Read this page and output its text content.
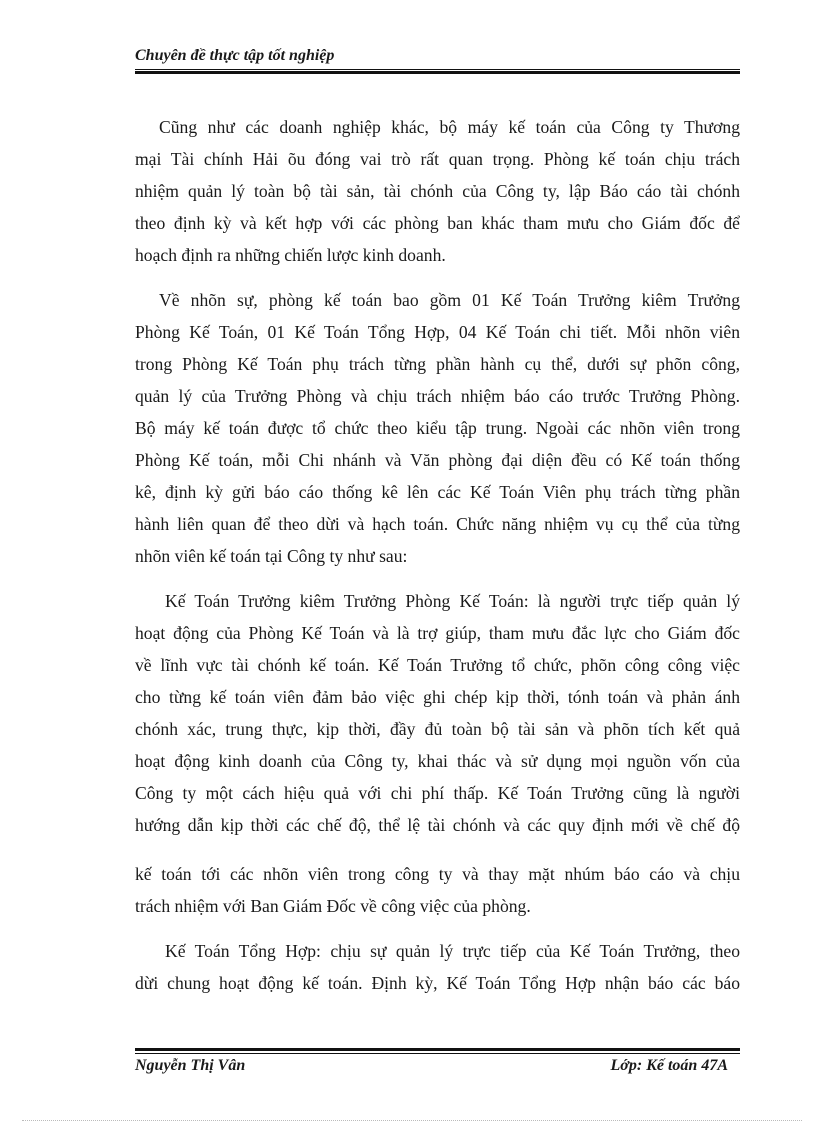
Chuyên đề thực tập tốt nghiệp

Cũng như các doanh nghiệp khác, bộ máy kế toán của Công ty Thương
mại Tài chính Hải õu đóng vai trò rất quan trọng. Phòng kế toán chịu trách
nhiệm quản lý toàn bộ tài sản, tài chónh của Công ty, lập Báo cáo tài chónh
theo định kỳ và kết hợp với các phòng ban khác tham mưu cho Giám đốc để
hoạch định ra những chiến lược kinh doanh.

Về nhõn sự, phòng kế toán bao gồm 01 Kế Toán Trưởng kiêm Trưởng
Phòng Kế Toán, 01 Kế Toán Tổng Hợp, 04 Kế Toán chi tiết. Mỗi nhõn viên
trong Phòng Kế Toán phụ trách từng phần hành cụ thể, dưới sự phõn công,
quản lý của Trưởng Phòng và chịu trách nhiệm báo cáo trước Trưởng Phòng.
Bộ máy kế toán được tổ chức theo kiểu tập trung. Ngoài các nhõn viên trong
Phòng Kế toán, mỗi Chi nhánh và Văn phòng đại diện đều có Kế toán thống
kê, định kỳ gửi báo cáo thống kê lên các Kế Toán Viên phụ trách từng phần
hành liên quan để theo dừi và hạch toán. Chức năng nhiệm vụ cụ thể của từng
nhõn viên kế toán tại Công ty như sau:

Kế Toán Trưởng kiêm Trưởng Phòng Kế Toán: là người trực tiếp quản lý
hoạt động của Phòng Kế Toán và là trợ giúp, tham mưu đắc lực cho Giám đốc
về lĩnh vực tài chónh kế toán. Kế Toán Trưởng tổ chức, phõn công công việc
cho từng kế toán viên đảm bảo việc ghi chép kịp thời, tónh toán và phản ánh
chónh xác, trung thực, kịp thời, đầy đủ toàn bộ tài sản và phõn tích kết quả
hoạt động kinh doanh của Công ty, khai thác và sử dụng mọi nguồn vốn của
Công ty một cách hiệu quả với chi phí thấp. Kế Toán Trưởng cũng là người
hướng dẫn kịp thời các chế độ, thể lệ tài chónh và các quy định mới về chế độ

kế toán tới các nhõn viên trong công ty và thay mặt nhúm báo cáo và chịu
trách nhiệm với Ban Giám Đốc về công việc của phòng.

Kế Toán Tổng Hợp: chịu sự quản lý trực tiếp của Kế Toán Trưởng, theo
dừi chung hoạt động kế toán. Định kỳ, Kế Toán Tổng Hợp nhận báo các báo

Nguyễn Thị Vân	Lớp: Kế toán 47A
